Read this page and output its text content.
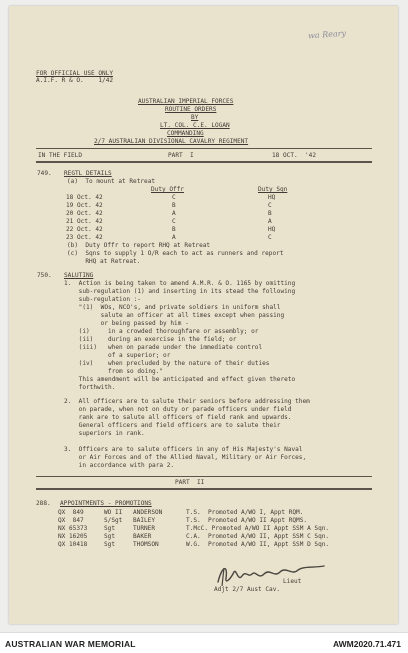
wa Reary
FOR OFFICIAL USE ONLY
A.I.F. R & O.    1/42
AUSTRALIAN IMPERIAL FORCES
ROUTINE ORDERS
BY
LT. COL. C.E. LOGAN
COMMANDING
2/7 AUSTRALIAN DIVISIONAL CAVALRY REGIMENT
IN THE FIELD	PART  I	18 OCT.  '42
749. REGTL DETAILS
(a)  To mount at Retreat
Duty Offr	Duty Sqn
18 Oct. 42	C	HQ
19 Oct. 42	B	C
20 Oct. 42	A	B
21 Oct. 42	C	A
22 Oct. 42	B	HQ
23 Oct. 42	A	C
(b)  Duty Offr to report RHQ at Retreat
(c)  Sqns to supply 1 O/R each to act as runners and report
RHQ at Retreat.
750. SALUTING
1.  Action is being taken to amend A.M.R. & O. 1165 by omitting
sub-regulation (1) and inserting in its stead the following
sub-regulation :-
"(1)  WOs, NCO's, and private soldiers in uniform shall
salute an officer at all times except when passing
or being passed by him -
(i)     in a crowded thoroughfare or assembly; or
(ii)    during an exercise in the field; or
(iii)   when on parade under the immediate control
of a superior; or
(iv)    when precluded by the nature of their duties
from so doing."
This amendment will be anticipated and effect given thereto
forthwith.
2.  All officers are to salute their seniors before addressing them
on parade, when not on duty or parade officers under field
rank are to salute all officers of field rank and upwards.
General officers and field officers are to salute their
superiors in rank.
3.  Officers are to salute officers in any of His Majesty's Naval
or Air Forces and of the Allied Naval, Military or Air Forces,
in accordance with para 2.
PART  II
288. APPOINTMENTS - PROMOTIONS
QX  849	WO II ANDERSON	T.S.  Promoted A/WO I, Appt RQM.
QX  847	S/Sgt BAILEY	T.S.  Promoted A/WO II Appt RQMS.
NX 65373	Sgt	TURNER	T.McC. Promoted A/WO II Appt SSM A Sqn.
NX 16205	Sgt	BAKER	C.A.  Promoted A/WO II, Appt SSM C Sqn.
QX 10418	Sgt	THOMSON	W.G.  Promoted A/WO II, Appt SSM D Sqn.
Lieut
Adjt 2/7 Aust Cav.
AUSTRALIAN WAR MEMORIAL	AWM2020.71.471
